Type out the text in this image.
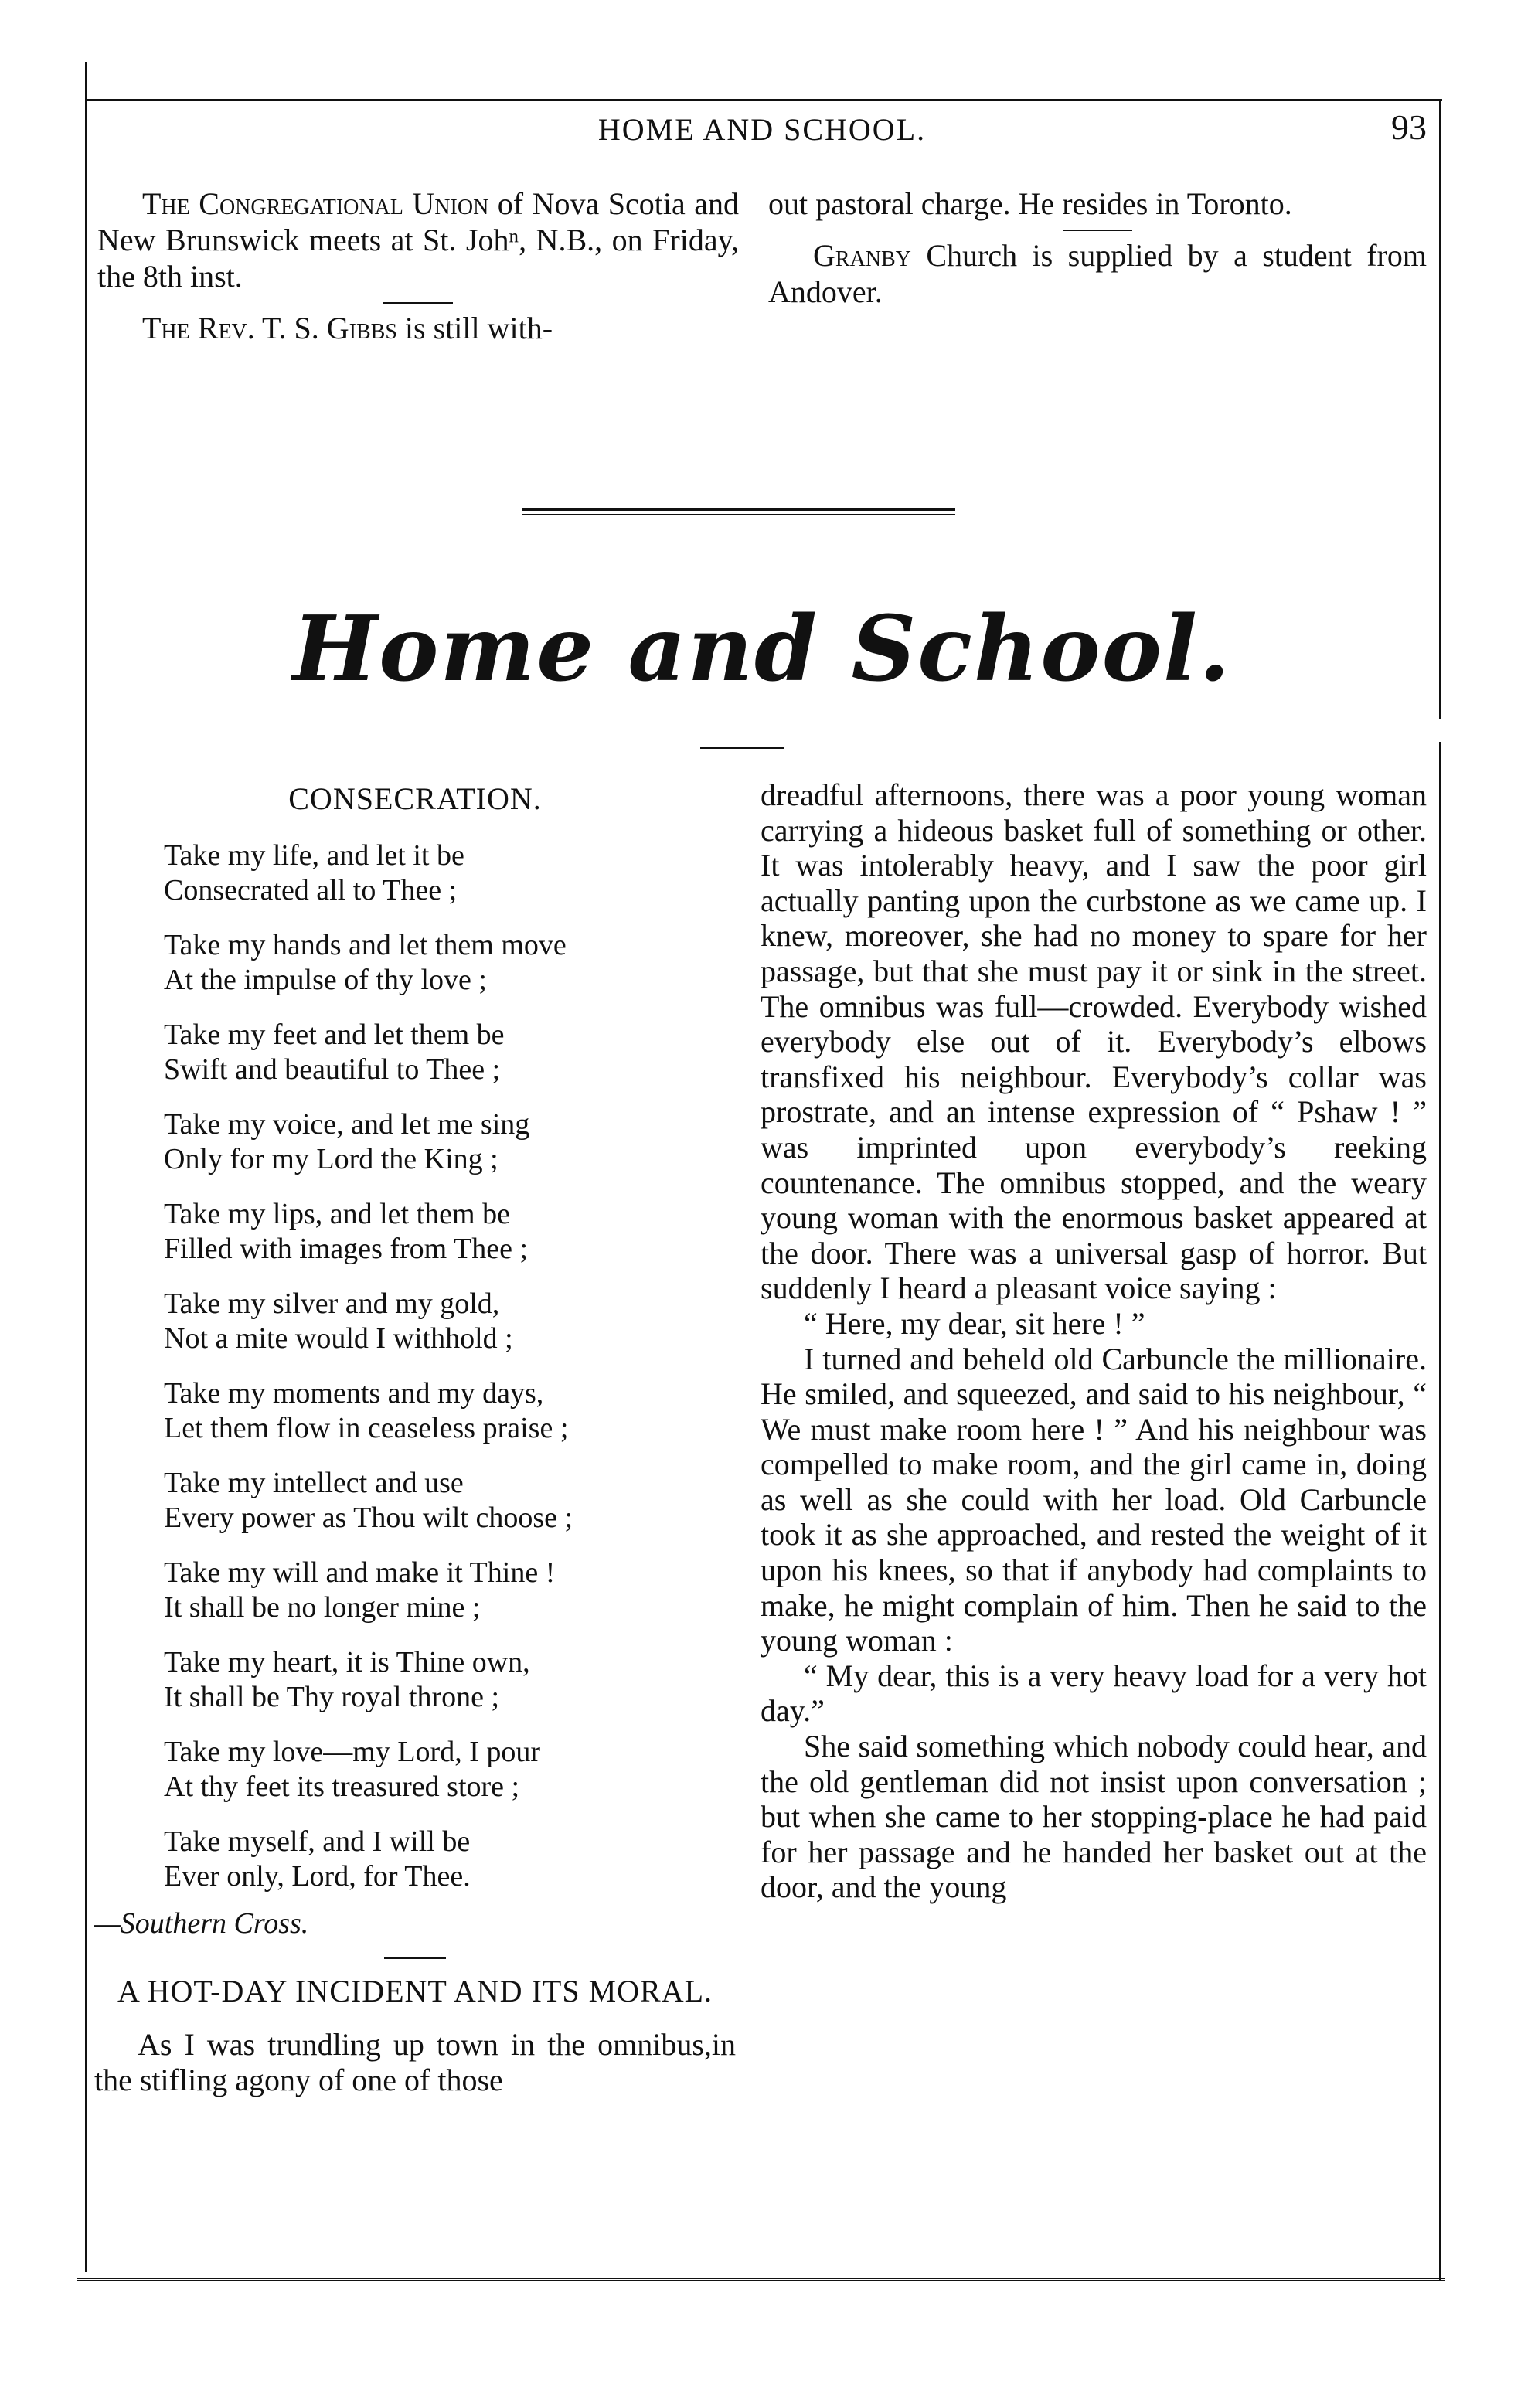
HOME AND SCHOOL.	93

The Congregational Union of Nova Scotia and New Brunswick meets at St. Johⁿ, N.B., on Friday, the 8th inst.

The Rev. T. S. Gibbs is still with-

out pastoral charge. He resides in Toronto.

Granby Church is supplied by a student from Andover.

Home and School.
CONSECRATION.
Take my life, and let it be
Consecrated all to Thee ;
Take my hands and let them move
At the impulse of thy love ;
Take my feet and let them be
Swift and beautiful to Thee ;
Take my voice, and let me sing
Only for my Lord the King ;
Take my lips, and let them be
Filled with images from Thee ;
Take my silver and my gold,
Not a mite would I withhold ;
Take my moments and my days,
Let them flow in ceaseless praise ;
Take my intellect and use
Every power as Thou wilt choose ;
Take my will and make it Thine !
It shall be no longer mine ;
Take my heart, it is Thine own,
It shall be Thy royal throne ;
Take my love—my Lord, I pour
At thy feet its treasured store ;
Take myself, and I will be
Ever only, Lord, for Thee.
—Southern Cross.
A HOT-DAY INCIDENT AND ITS MORAL.

As I was trundling up town in the omnibus,in the stifling agony of one of those

dreadful afternoons, there was a poor young woman carrying a hideous basket full of something or other. It was intolerably heavy, and I saw the poor girl actually panting upon the curbstone as we came up. I knew, moreover, she had no money to spare for her passage, but that she must pay it or sink in the street. The omnibus was full—crowded. Everybody wished everybody else out of it. Everybody’s elbows transfixed his neighbour. Everybody’s collar was prostrate, and an intense expression of “ Pshaw ! ” was imprinted upon everybody’s reeking countenance. The omnibus stopped, and the weary young woman with the enormous basket appeared at the door. There was a universal gasp of horror. But suddenly I heard a pleasant voice saying :

“ Here, my dear, sit here ! ”

I turned and beheld old Carbuncle the millionaire. He smiled, and squeezed, and said to his neighbour, “ We must make room here ! ” And his neighbour was compelled to make room, and the girl came in, doing as well as she could with her load. Old Carbuncle took it as she approached, and rested the weight of it upon his knees, so that if anybody had complaints to make, he might complain of him. Then he said to the young woman :

“ My dear, this is a very heavy load for a very hot day.”

She said something which nobody could hear, and the old gentleman did not insist upon conversation ; but when she came to her stopping-place he had paid for her passage and he handed her basket out at the door, and the young
